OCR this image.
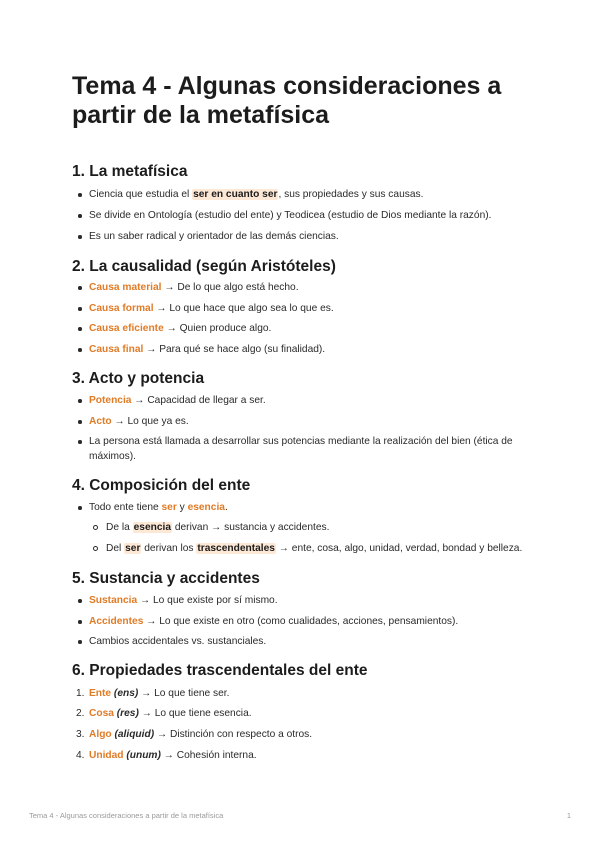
Tema 4 - Algunas consideraciones a partir de la metafísica
1. La metafísica
Ciencia que estudia el ser en cuanto ser, sus propiedades y sus causas.
Se divide en Ontología (estudio del ente) y Teodicea (estudio de Dios mediante la razón).
Es un saber radical y orientador de las demás ciencias.
2. La causalidad (según Aristóteles)
Causa material → De lo que algo está hecho.
Causa formal → Lo que hace que algo sea lo que es.
Causa eficiente → Quien produce algo.
Causa final → Para qué se hace algo (su finalidad).
3. Acto y potencia
Potencia → Capacidad de llegar a ser.
Acto → Lo que ya es.
La persona está llamada a desarrollar sus potencias mediante la realización del bien (ética de máximos).
4. Composición del ente
Todo ente tiene ser y esencia.
De la esencia derivan → sustancia y accidentes.
Del ser derivan los trascendentales → ente, cosa, algo, unidad, verdad, bondad y belleza.
5. Sustancia y accidentes
Sustancia → Lo que existe por sí mismo.
Accidentes → Lo que existe en otro (como cualidades, acciones, pensamientos).
Cambios accidentales vs. sustanciales.
6. Propiedades trascendentales del ente
1. Ente (ens) → Lo que tiene ser.
2. Cosa (res) → Lo que tiene esencia.
3. Algo (aliquid) → Distinción con respecto a otros.
4. Unidad (unum) → Cohesión interna.
Tema 4 - Algunas consideraciones a partir de la metafísica	1
